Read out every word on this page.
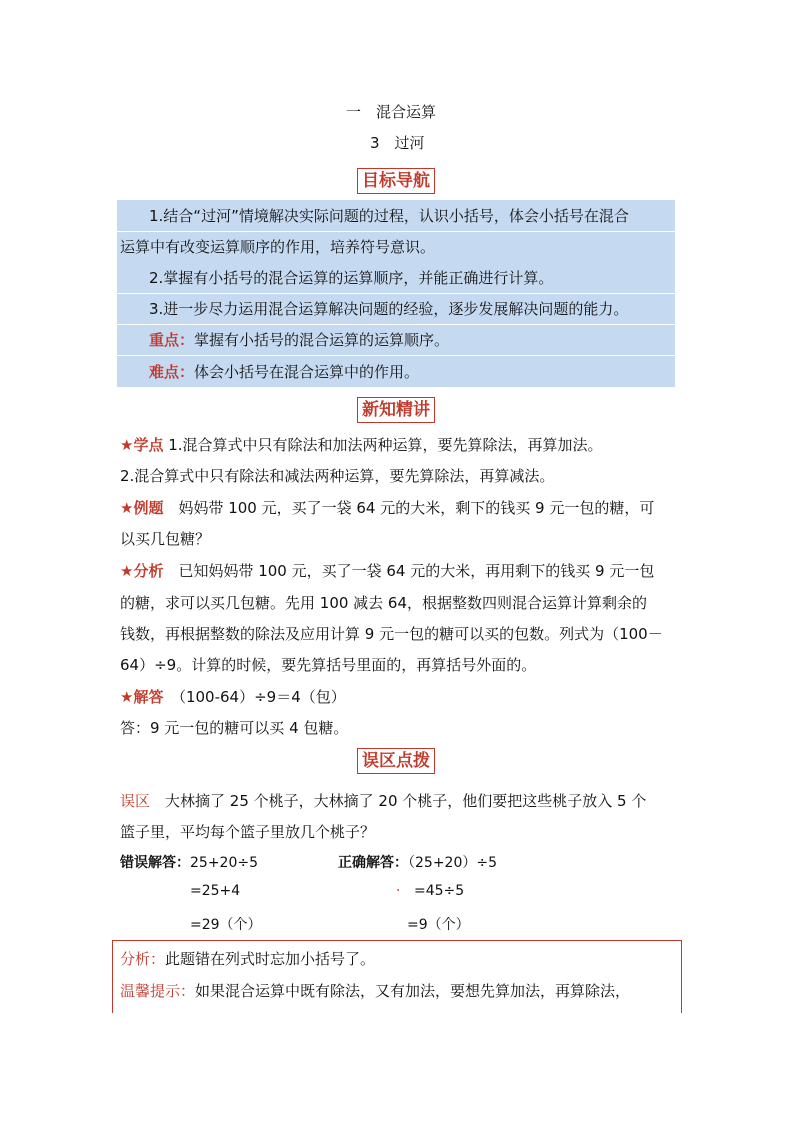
一　混合运算
3　过河
目标导航
1.结合“过河”情境解决实际问题的过程，认识小括号，体会小括号在混合
运算中有改变运算顺序的作用，培养符号意识。
2.掌握有小括号的混合运算的运算顺序，并能正确进行计算。
3.进一步尽力运用混合运算解决问题的经验，逐步发展解决问题的能力。
重点：掌握有小括号的混合运算的运算顺序。
难点：体会小括号在混合运算中的作用。
新知精讲
★学点 1.混合算式中只有除法和加法两种运算，要先算除法，再算加法。
2.混合算式中只有除法和减法两种运算，要先算除法，再算减法。
★例题　妈妈带 100 元，买了一袋 64 元的大米，剩下的钱买 9 元一包的糖，可
以买几包糖？
★分析　已知妈妈带 100 元，买了一袋 64 元的大米，再用剩下的钱买 9 元一包
的糖，求可以买几包糖。先用 100 减去 64，根据整数四则混合运算计算剩余的
钱数，再根据整数的除法及应用计算 9 元一包的糖可以买的包数。列式为（100－
64）÷9。计算的时候，要先算括号里面的，再算括号外面的。
★解答　（100-64）÷9＝4（包）
答：9 元一包的糖可以买 4 包糖。
误区点拨
误区　大林摘了 25 个桃子，大林摘了 20 个桃子，他们要把这些桃子放入 5 个
篮子里，平均每个篮子里放几个桃子？
错误解答：25+20÷5
=25+4
=29（个）
正确解答：（25+20）÷5
. =45÷5
=9（个）
分析：此题错在列式时忘加小括号了。
温馨提示：如果混合运算中既有除法，又有加法，要想先算加法，再算除法，
